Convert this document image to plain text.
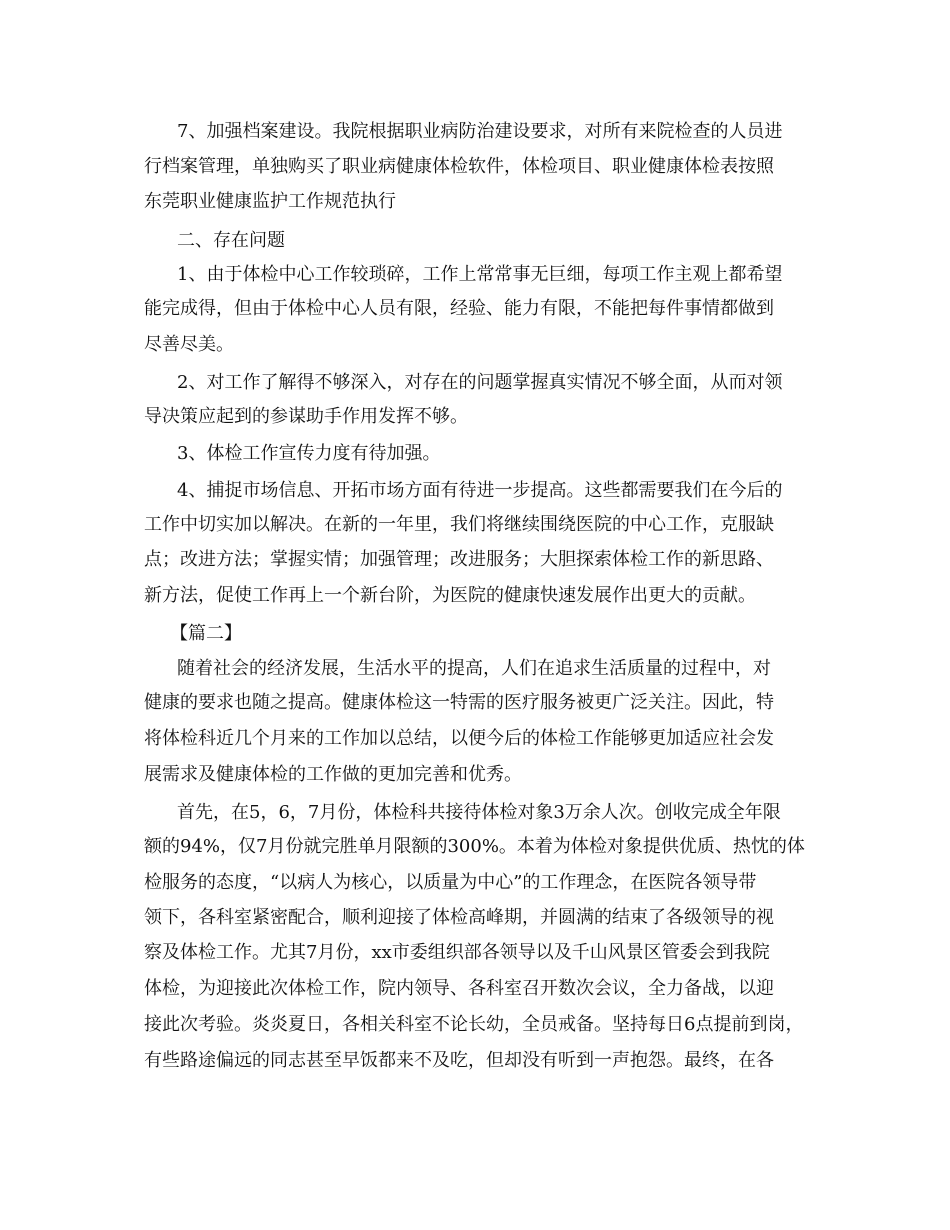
7、加强档案建设。我院根据职业病防治建设要求，对所有来院检查的人员进
行档案管理，单独购买了职业病健康体检软件，体检项目、职业健康体检表按照
东莞职业健康监护工作规范执行
二、存在问题
1、由于体检中心工作较琐碎，工作上常常事无巨细，每项工作主观上都希望
能完成得，但由于体检中心人员有限，经验、能力有限，不能把每件事情都做到
尽善尽美。
2、对工作了解得不够深入，对存在的问题掌握真实情况不够全面，从而对领
导决策应起到的参谋助手作用发挥不够。
3、体检工作宣传力度有待加强。
4、捕捉市场信息、开拓市场方面有待进一步提高。这些都需要我们在今后的
工作中切实加以解决。在新的一年里，我们将继续围绕医院的中心工作，克服缺
点；改进方法；掌握实情；加强管理；改进服务；大胆探索体检工作的新思路、
新方法，促使工作再上一个新台阶，为医院的健康快速发展作出更大的贡献。
【篇二】
随着社会的经济发展，生活水平的提高，人们在追求生活质量的过程中，对
健康的要求也随之提高。健康体检这一特需的医疗服务被更广泛关注。因此，特
将体检科近几个月来的工作加以总结，以便今后的体检工作能够更加适应社会发
展需求及健康体检的工作做的更加完善和优秀。
首先，在5，6，7月份，体检科共接待体检对象3万余人次。创收完成全年限
额的94%，仅7月份就完胜单月限额的300%。本着为体检对象提供优质、热忱的体
检服务的态度，“以病人为核心，以质量为中心”的工作理念，在医院各领导带
领下，各科室紧密配合，顺利迎接了体检高峰期，并圆满的结束了各级领导的视
察及体检工作。尤其7月份，xx市委组织部各领导以及千山风景区管委会到我院
体检，为迎接此次体检工作，院内领导、各科室召开数次会议，全力备战，以迎
接此次考验。炎炎夏日，各相关科室不论长幼，全员戒备。坚持每日6点提前到岗，
有些路途偏远的同志甚至早饭都来不及吃，但却没有听到一声抱怨。最终，在各
